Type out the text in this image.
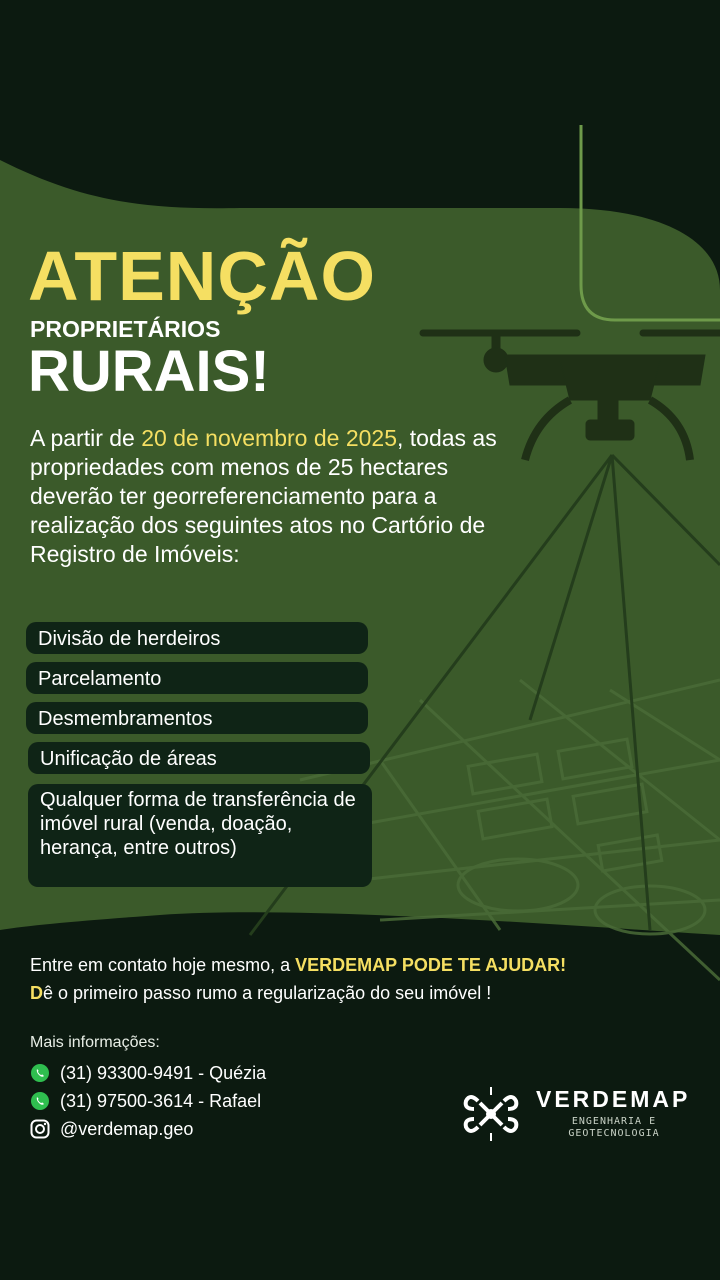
ATENÇÃO
PROPRIETÁRIOS
RURAIS!

A partir de 20 de novembro de 2025, todas as propriedades com menos de 25 hectares deverão ter georreferenciamento para a realização dos seguintes atos no Cartório de Registro de Imóveis:

Divisão de herdeiros
Parcelamento
Desmembramentos
Unificação de áreas
Qualquer forma de transferência de imóvel rural (venda, doação, herança, entre outros)
Entre em contato hoje mesmo, a VERDEMAP PODE TE AJUDAR!
Dê o primeiro passo rumo a regularização do seu imóvel !
Mais informações:
(31) 93300-9491 - Quézia
(31) 97500-3614 - Rafael
@verdemap.geo
VERDEMAP
ENGENHARIA E GEOTECNOLOGIA
